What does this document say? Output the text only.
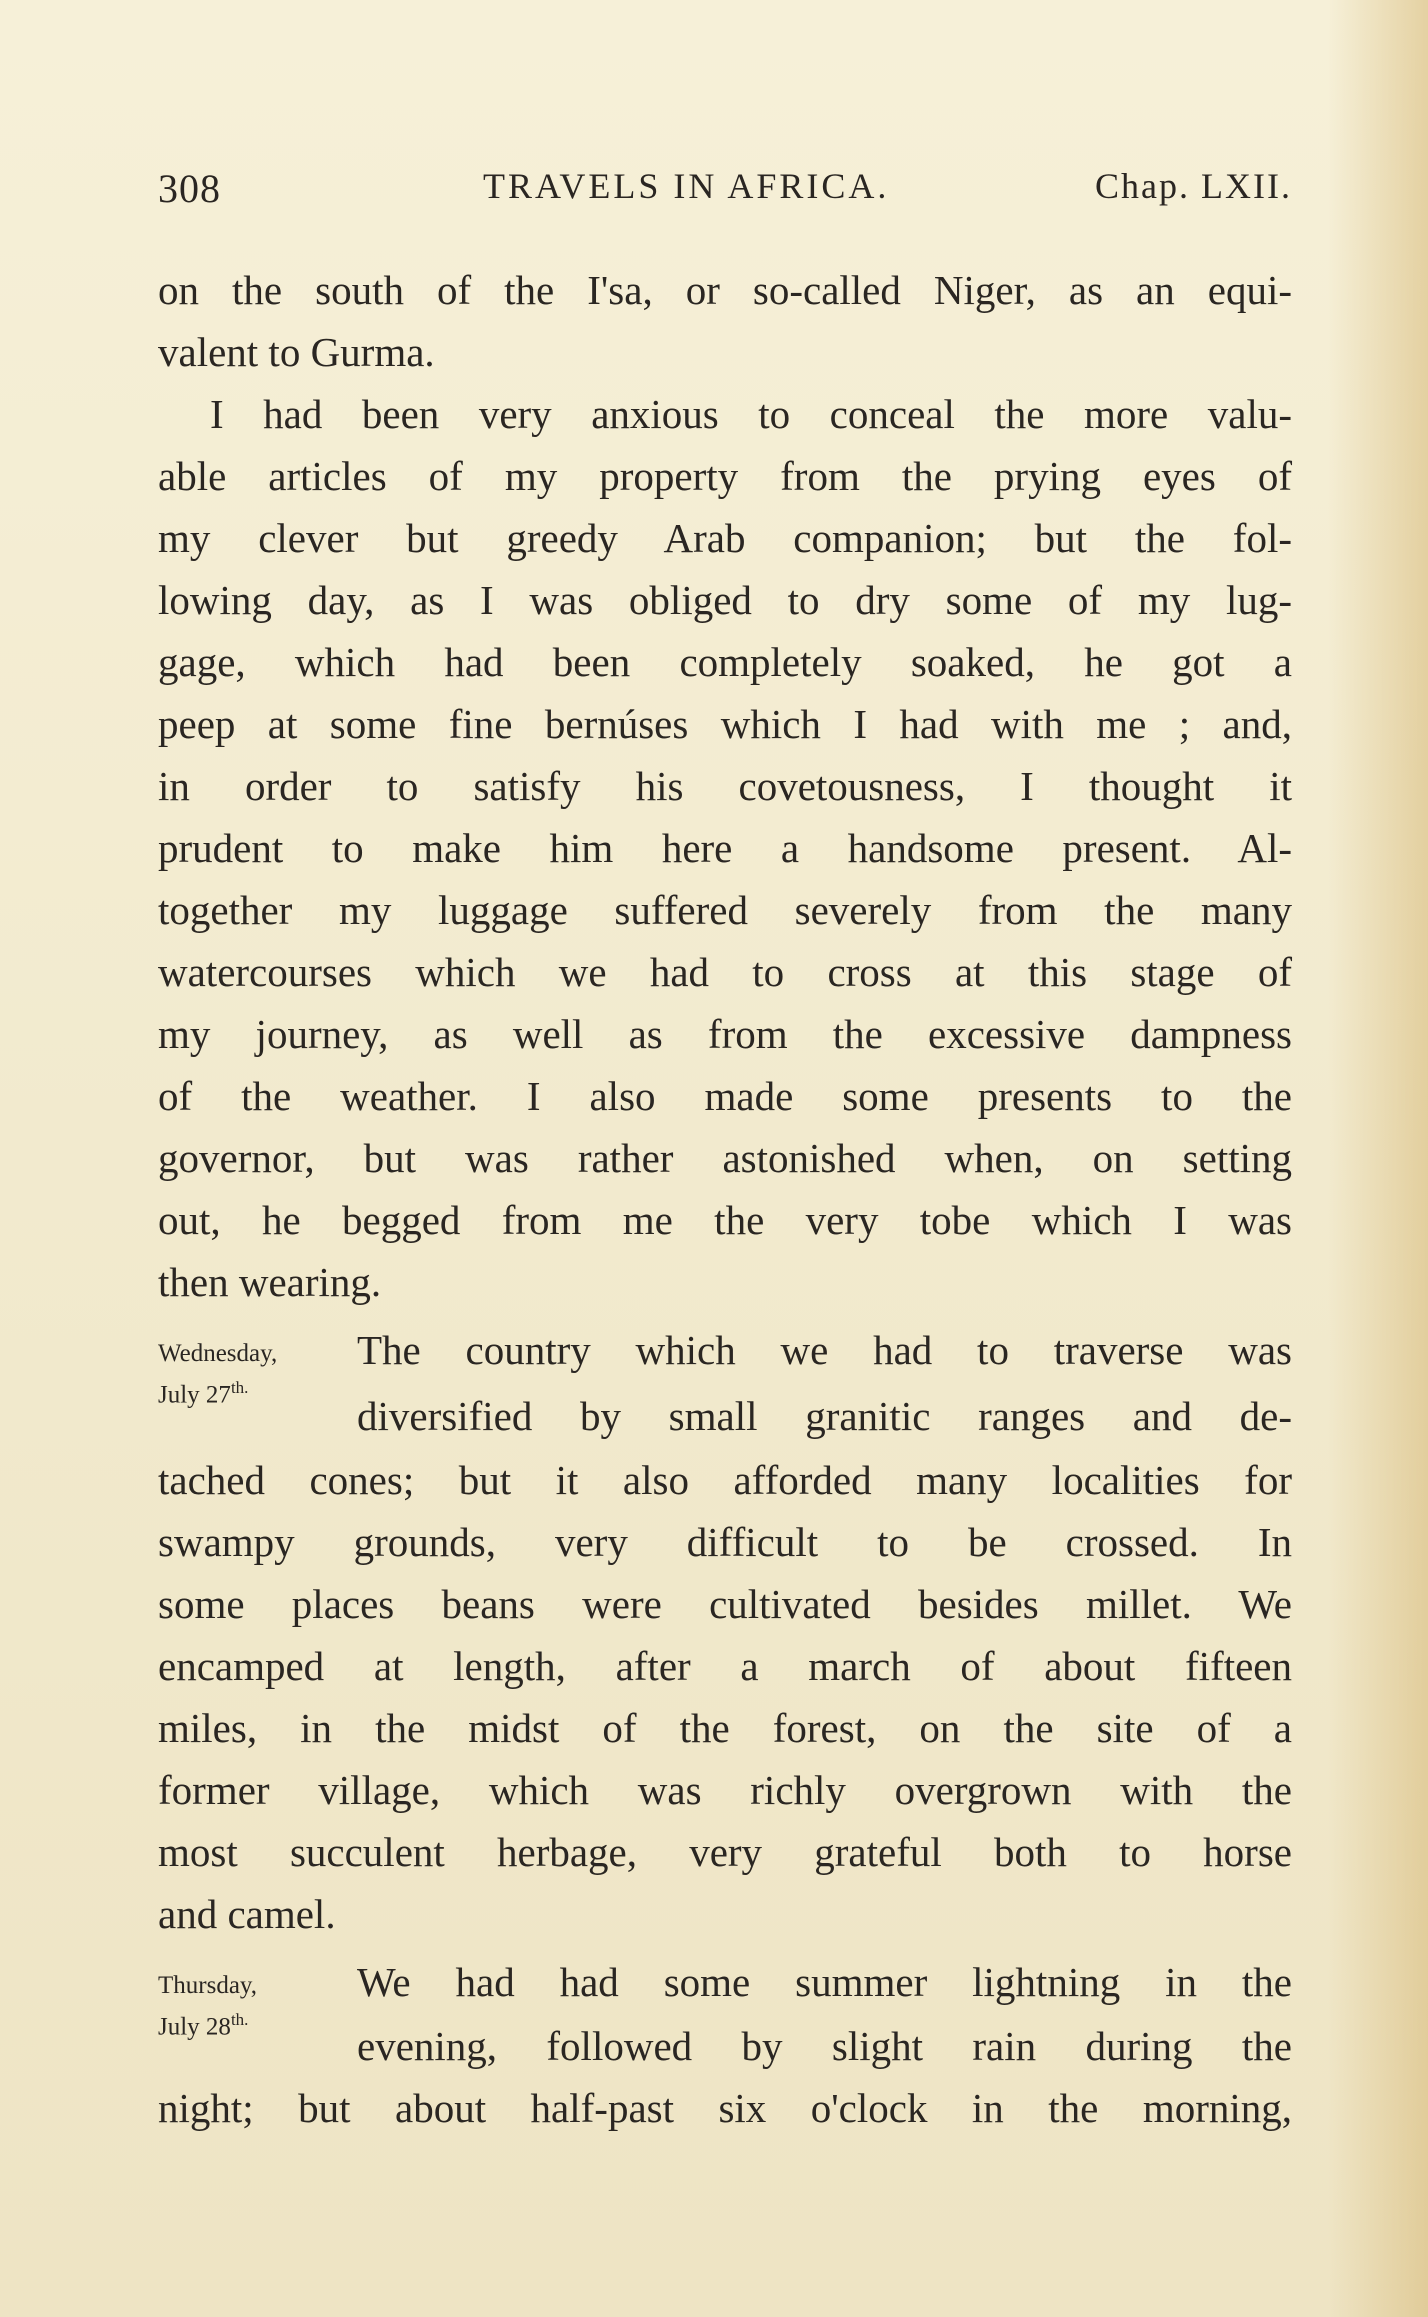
308	TRAVELS IN AFRICA.	Chap. LXII.
on the south of the I'sa, or so-called Niger, as an equi-
valent to Gurma.
I had been very anxious to conceal the more valu-
able articles of my property from the prying eyes of
my clever but greedy Arab companion; but the fol-
lowing day, as I was obliged to dry some of my lug-
gage, which had been completely soaked, he got a
peep at some fine bernúses which I had with me ; and,
in order to satisfy his covetousness, I thought it
prudent to make him here a handsome present. Al-
together my luggage suffered severely from the many
watercourses which we had to cross at this stage of
my journey, as well as from the excessive dampness
of the weather. I also made some presents to the
governor, but was rather astonished when, on setting
out, he begged from me the very tobe which I was
then wearing.
Wednesday,
July $27^{th.}$
The country which we had to traverse was
diversified by small granitic ranges and de-
tached cones; but it also afforded many localities for
swampy grounds, very difficult to be crossed. In
some places beans were cultivated besides millet. We
encamped at length, after a march of about fifteen
miles, in the midst of the forest, on the site of a
former village, which was richly overgrown with the
most succulent herbage, very grateful both to horse
and camel.
Thursday,
July $28^{th.}$
We had had some summer lightning in the
evening, followed by slight rain during the
night; but about half-past six o'clock in the morning,
